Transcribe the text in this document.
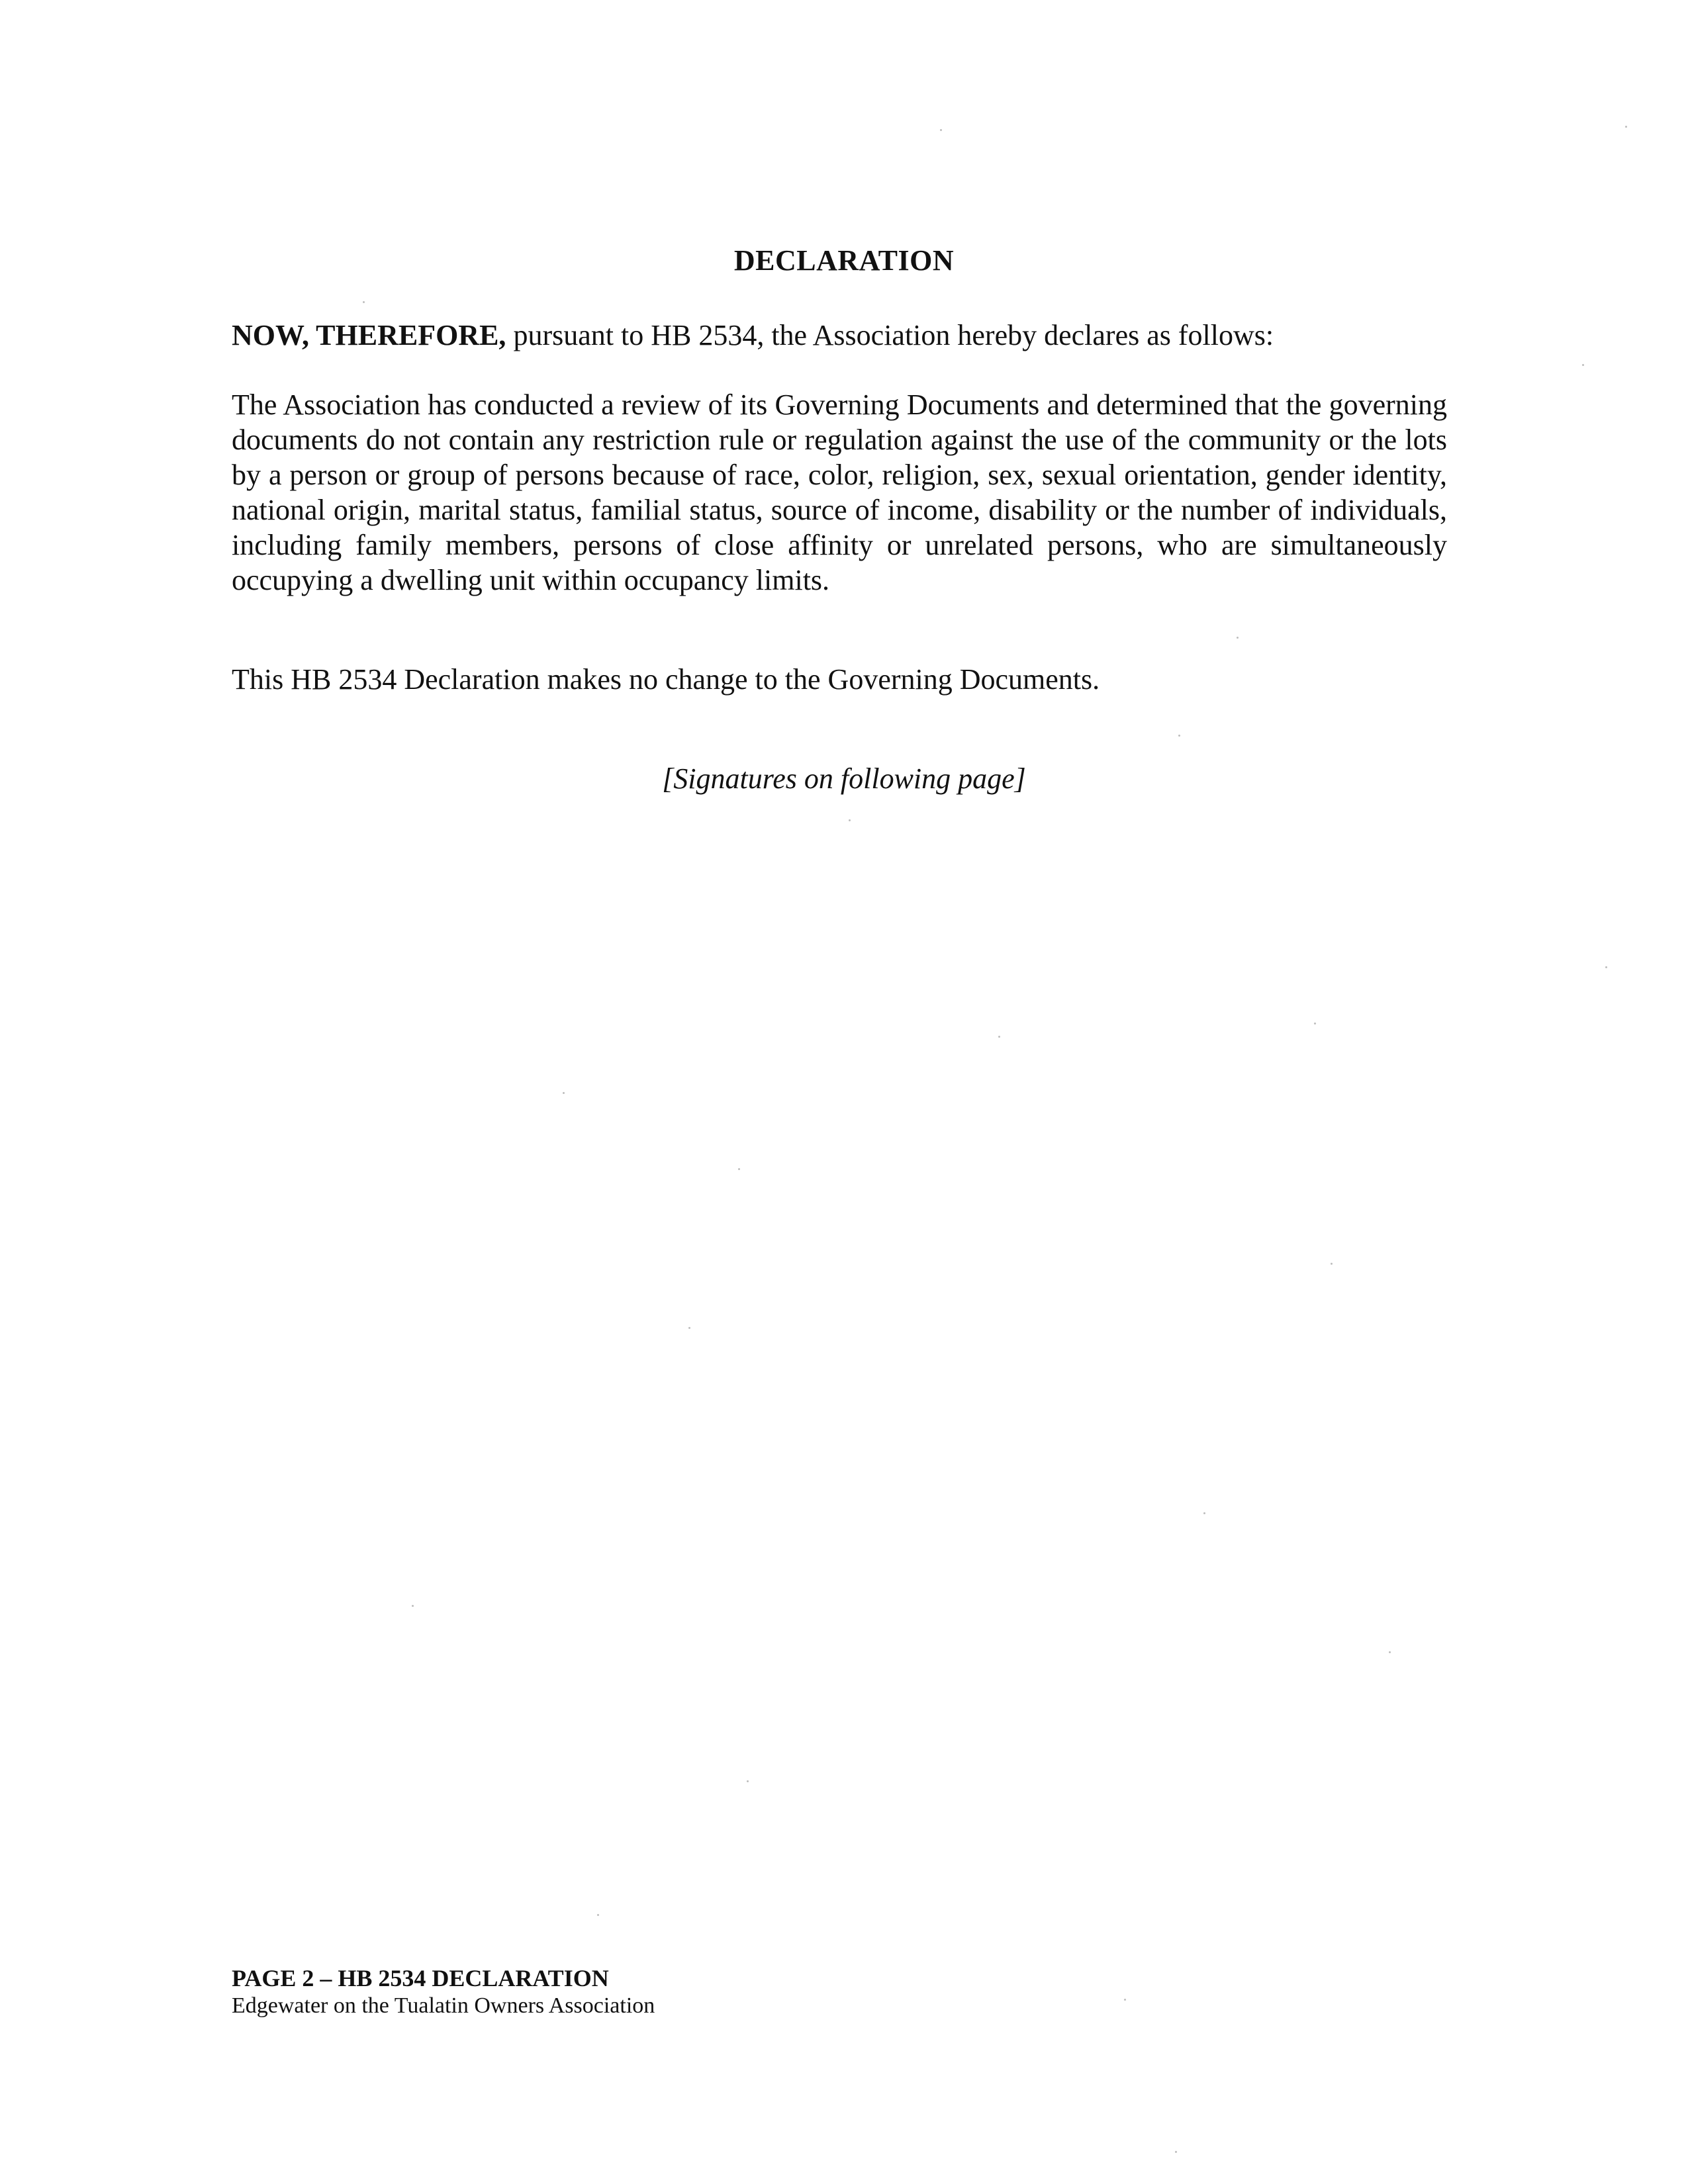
DECLARATION
NOW, THEREFORE, pursuant to HB 2534, the Association hereby declares as follows:
The Association has conducted a review of its Governing Documents and determined that the governing documents do not contain any restriction rule or regulation against the use of the community or the lots by a person or group of persons because of race, color, religion, sex, sexual orientation, gender identity, national origin, marital status, familial status, source of income, disability or the number of individuals, including family members, persons of close affinity or unrelated persons, who are simultaneously occupying a dwelling unit within occupancy limits.
This HB 2534 Declaration makes no change to the Governing Documents.
[Signatures on following page]
PAGE 2 – HB 2534 DECLARATION
Edgewater on the Tualatin Owners Association
